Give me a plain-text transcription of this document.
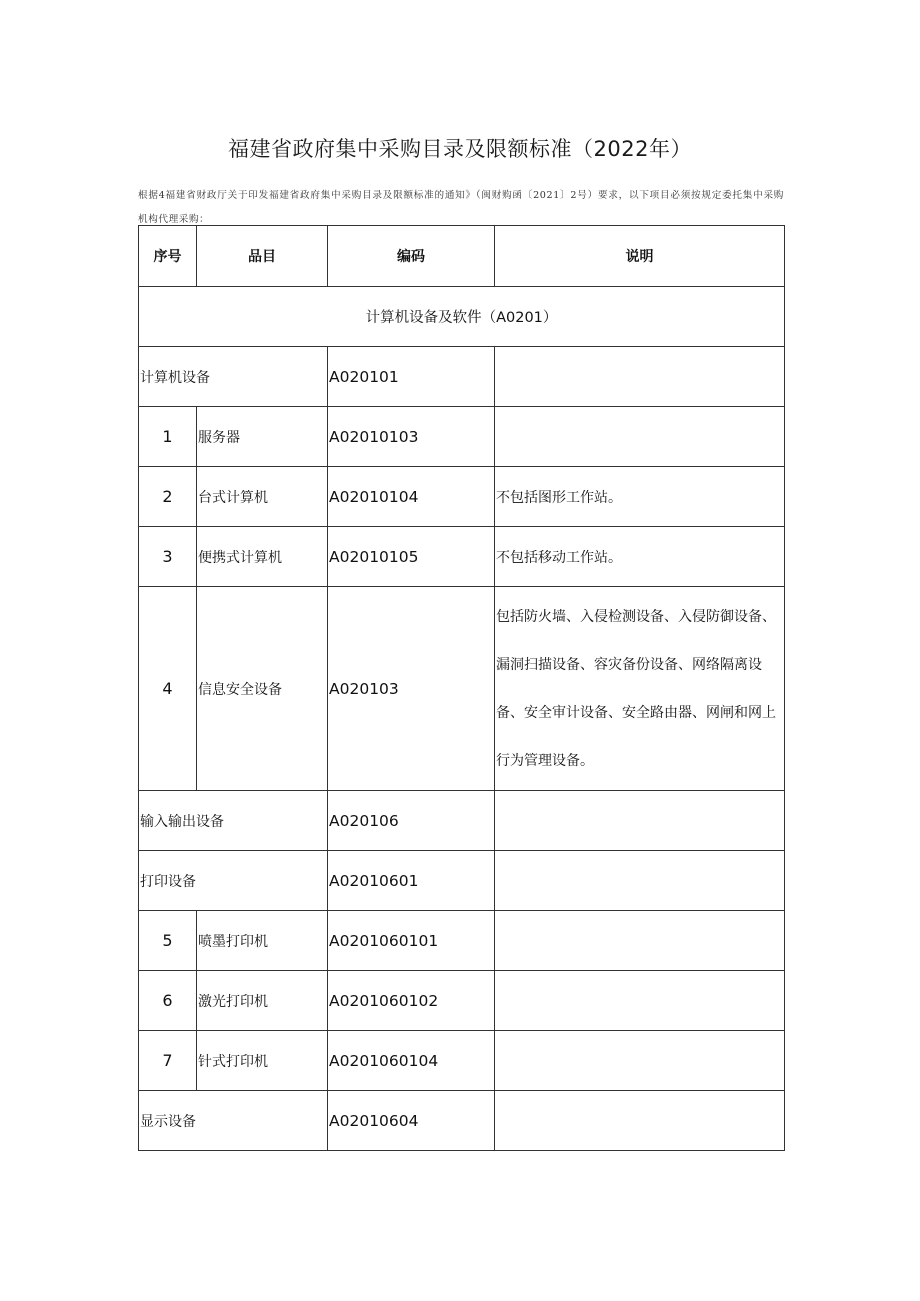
福建省政府集中采购目录及限额标准（2022年）
根据4福建省财政厅关于印发福建省政府集中采购目录及限额标准的通知》（闽财购函〔2021〕2号）要求，以下项目必须按规定委托集中采购机构代理采购：
序号	品目	编码	说明
计算机设备及软件（A0201）			
计算机设备		A020101	
1	服务器	A02010103	
2	台式计算机	A02010104	不包括图形工作站。
3	便携式计算机	A02010105	不包括移动工作站。
4	信息安全设备	A020103	包括防火墙、入侵检测设备、入侵防御设备、漏洞扫描设备、容灾备份设备、网络隔离设备、安全审计设备、安全路由器、网闸和网上行为管理设备。
输入输出设备		A020106	
打印设备		A02010601	
5	喷墨打印机	A0201060101	
6	激光打印机	A0201060102	
7	针式打印机	A0201060104	
显示设备		A02010604	
